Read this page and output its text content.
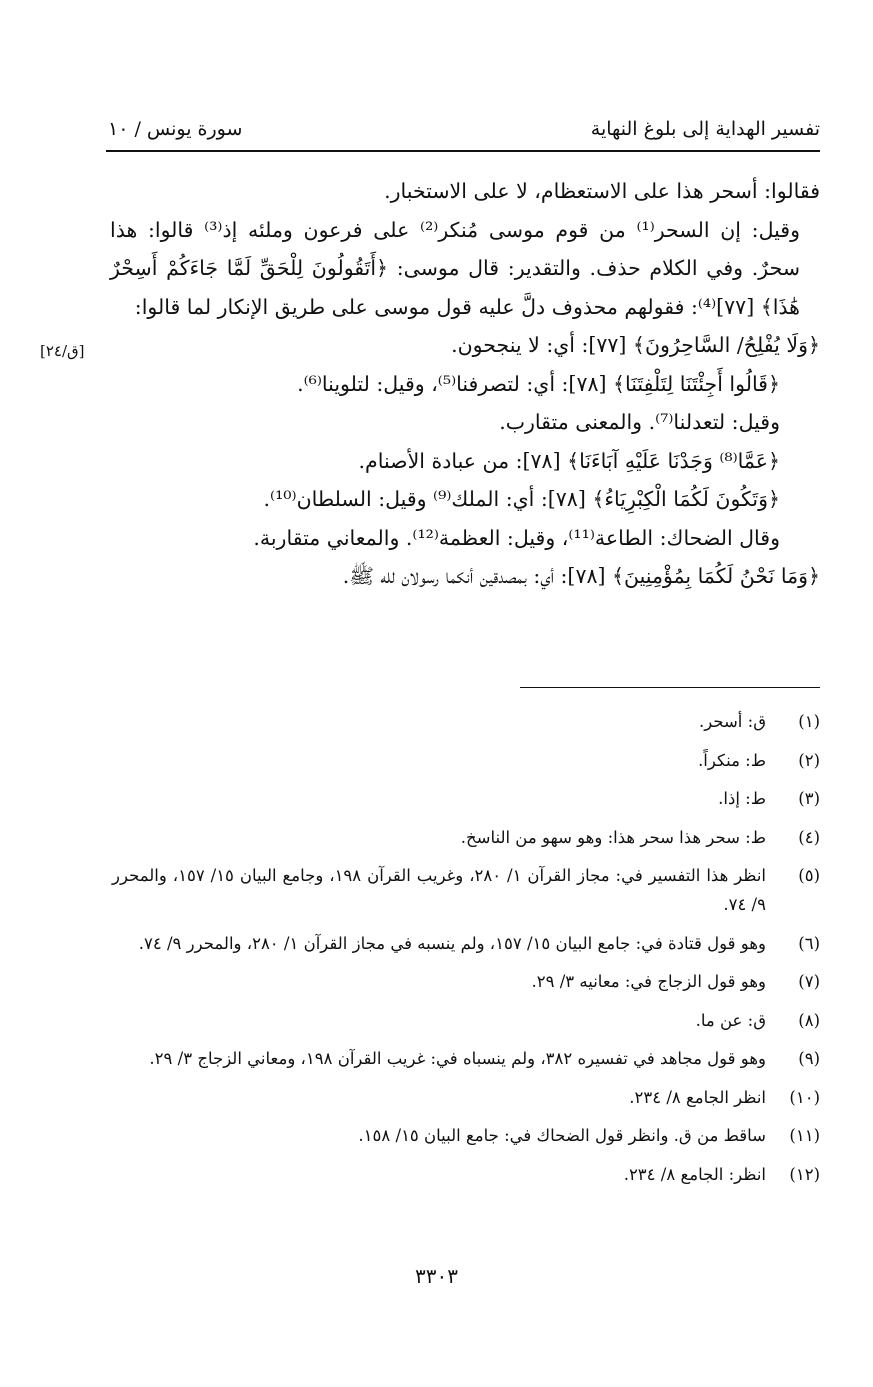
تفسير الهداية إلى بلوغ النهاية
سورة يونس / ١٠
[ق/٢٤]

فقالوا: أسحر هذا على الاستعظام، لا على الاستخبار.

وقيل: إن السحر⁽¹⁾ من قوم موسى مُنكر⁽²⁾ على فرعون وملئه إذ⁽³⁾ قالوا: هذا سحرٌ. وفي الكلام حذف. والتقدير: قال موسى: ﴿أَتَقُولُونَ لِلْحَقِّ لَمَّا جَاءَكُمْ أَسِحْرٌ هَٰذَا﴾ [٧٧]⁽⁴⁾: فقولهم محذوف دلَّ عليه قول موسى على طريق الإنكار لما قالوا:

﴿وَلَا يُفْلِحُ/ السَّاحِرُونَ﴾ [٧٧]: أي: لا ينجحون.

﴿قَالُوا أَجِئْتَنَا لِتَلْفِتَنَا﴾ [٧٨]: أي: لتصرفنا⁽⁵⁾، وقيل: لتلوينا⁽⁶⁾.

وقيل: لتعدلنا⁽⁷⁾. والمعنى متقارب.

﴿عَمَّا⁽⁸⁾ وَجَدْنَا عَلَيْهِ آبَاءَنَا﴾ [٧٨]: من عبادة الأصنام.

﴿وَتَكُونَ لَكُمَا الْكِبْرِيَاءُ﴾ [٧٨]: أي: الملك⁽⁹⁾ وقيل: السلطان⁽¹⁰⁾.

وقال الضحاك: الطاعة⁽¹¹⁾، وقيل: العظمة⁽¹²⁾. والمعاني متقاربة.

﴿وَمَا نَحْنُ لَكُمَا بِمُؤْمِنِينَ﴾ [٧٨]: أي: بمصدقين أنكما رسولان لله ﷺ.

(١)
ق: أسحر.
(٢)
ط: منكراً.
(٣)
ط: إذا.
(٤)
ط: سحر هذا سحر هذا: وهو سهو من الناسخ.
(٥)
انظر هذا التفسير في: مجاز القرآن ١/ ٢٨٠، وغريب القرآن ١٩٨، وجامع البيان ١٥/ ١٥٧، والمحرر ٩/ ٧٤.
(٦)
وهو قول قتادة في: جامع البيان ١٥/ ١٥٧، ولم ينسبه في مجاز القرآن ١/ ٢٨٠، والمحرر ٩/ ٧٤.
(٧)
وهو قول الزجاج في: معانيه ٣/ ٢٩.
(٨)
ق: عن ما.
(٩)
وهو قول مجاهد في تفسيره ٣٨٢، ولم ينسباه في: غريب القرآن ١٩٨، ومعاني الزجاج ٣/ ٢٩.
(١٠)
انظر الجامع ٨/ ٢٣٤.
(١١)
ساقط من ق. وانظر قول الضحاك في: جامع البيان ١٥/ ١٥٨.
(١٢)
انظر: الجامع ٨/ ٢٣٤.
٣٣٠٣
